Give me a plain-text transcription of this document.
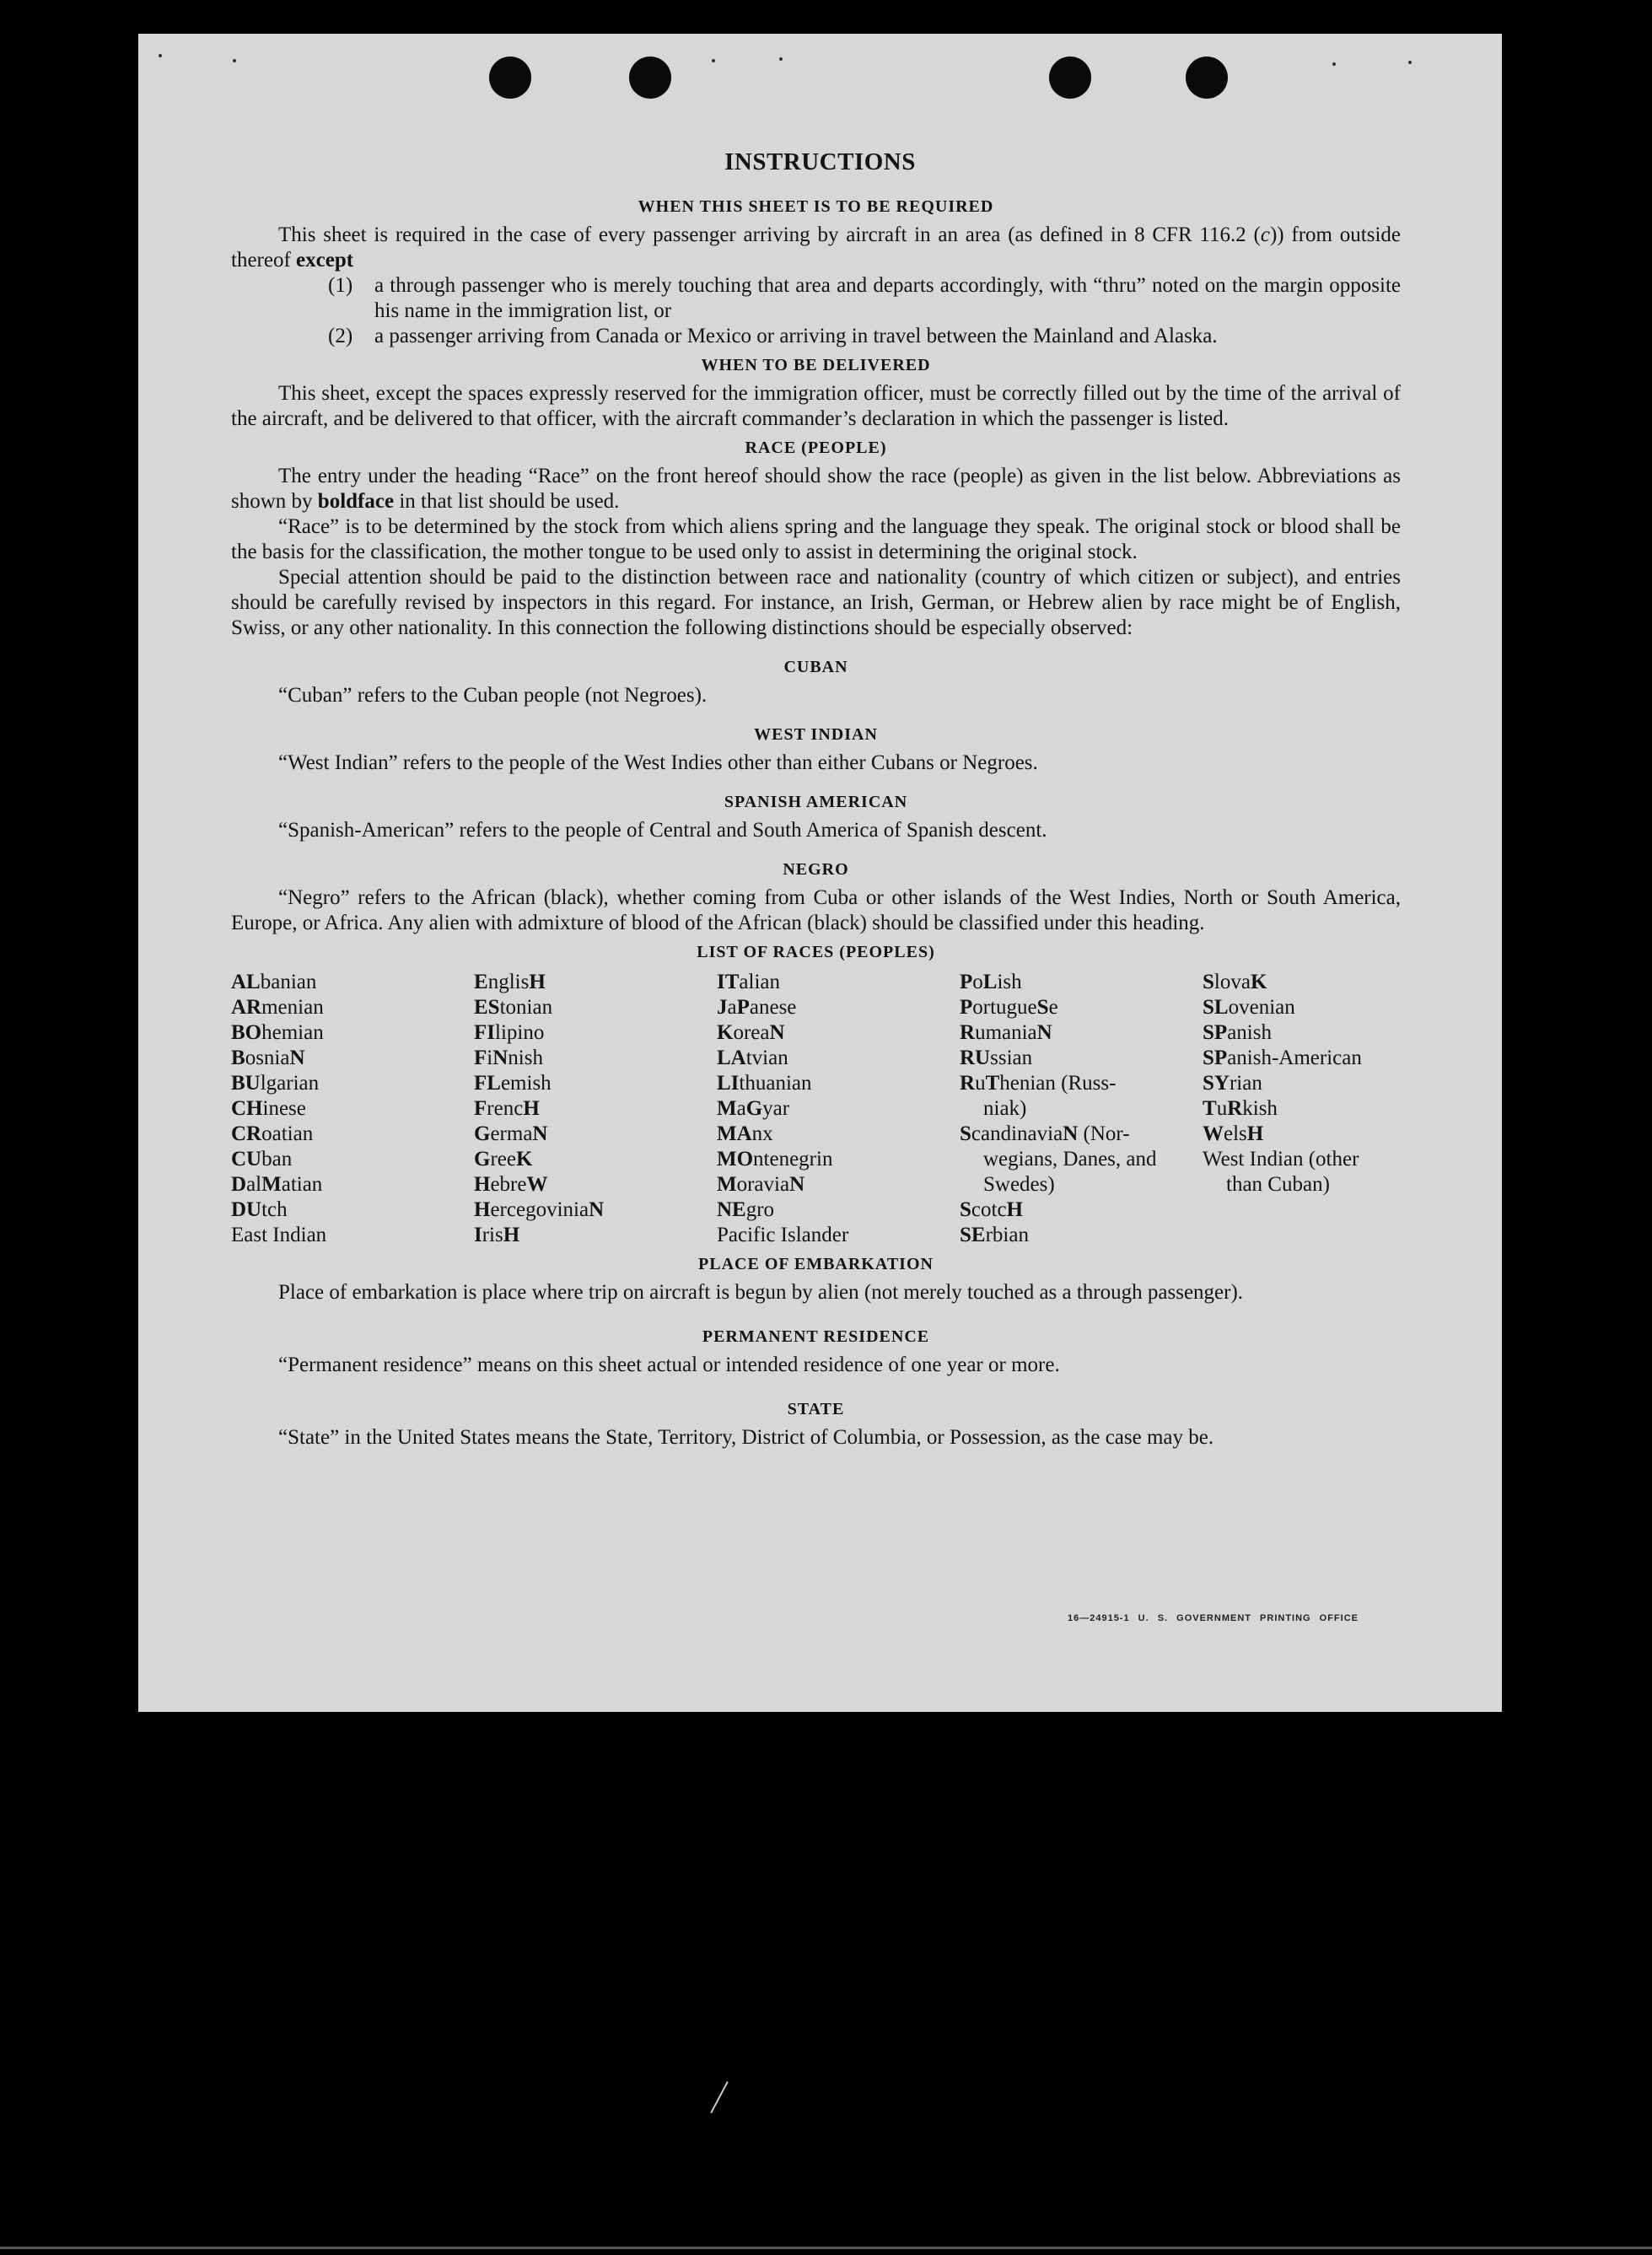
INSTRUCTIONS
WHEN THIS SHEET IS TO BE REQUIRED

This sheet is required in the case of every passenger arriving by aircraft in an area (as defined in 8 CFR 116.2 (c)) from outside thereof except

(1)	a through passenger who is merely touching that area and departs accordingly, with “thru” noted on the margin opposite his name in the immigration list, or
(2)	a passenger arriving from Canada or Mexico or arriving in travel between the Mainland and Alaska.
WHEN TO BE DELIVERED

This sheet, except the spaces expressly reserved for the immigration officer, must be correctly filled out by the time of the arrival of the aircraft, and be delivered to that officer, with the aircraft commander’s declaration in which the passenger is listed.

RACE (PEOPLE)

The entry under the heading “Race” on the front hereof should show the race (people) as given in the list below. Abbreviations as shown by boldface in that list should be used.

“Race” is to be determined by the stock from which aliens spring and the language they speak. The original stock or blood shall be the basis for the classification, the mother tongue to be used only to assist in determining the original stock.

Special attention should be paid to the distinction between race and nationality (country of which citizen or subject), and entries should be carefully revised by inspectors in this regard. For instance, an Irish, German, or Hebrew alien by race might be of English, Swiss, or any other nationality. In this connection the following distinctions should be especially observed:

CUBAN

“Cuban” refers to the Cuban people (not Negroes).

WEST INDIAN

“West Indian” refers to the people of the West Indies other than either Cubans or Negroes.

SPANISH AMERICAN

“Spanish-American” refers to the people of Central and South America of Spanish descent.

NEGRO

“Negro” refers to the African (black), whether coming from Cuba or other islands of the West Indies, North or South America, Europe, or Africa. Any alien with admixture of blood of the African (black) should be classified under this heading.

LIST OF RACES (PEOPLES)
ALbanian
ARmenian
BOhemian
BosniaN
BUlgarian
CHinese
CRoatian
CUban
DalMatian
DUtch
East Indian
EnglisH
EStonian
FIlipino
FiNnish
FLemish
FrencH
GermaN
GreeK
HebreW
HercegoviniaN
IrisH
ITalian
JaPanese
KoreaN
LAtvian
LIthuanian
MaGyar
MAnx
MOntenegrin
MoraviaN
NEgro
Pacific Islander
PoLish
PortugueSe
RumaniaN
RUssian
RuThenian (Russ-
niak)
ScandinaviaN (Nor-
wegians, Danes, and Swedes)
ScotcH
SErbian
SlovaK
SLovenian
SPanish
SPanish-American
SYrian
TuRkish
WelsH
West Indian (other
than Cuban)
PLACE OF EMBARKATION

Place of embarkation is place where trip on aircraft is begun by alien (not merely touched as a through passenger).

PERMANENT RESIDENCE

“Permanent residence” means on this sheet actual or intended residence of one year or more.

STATE

“State” in the United States means the State, Territory, District of Columbia, or Possession, as the case may be.

16—24915-1 U. S. GOVERNMENT PRINTING OFFICE
